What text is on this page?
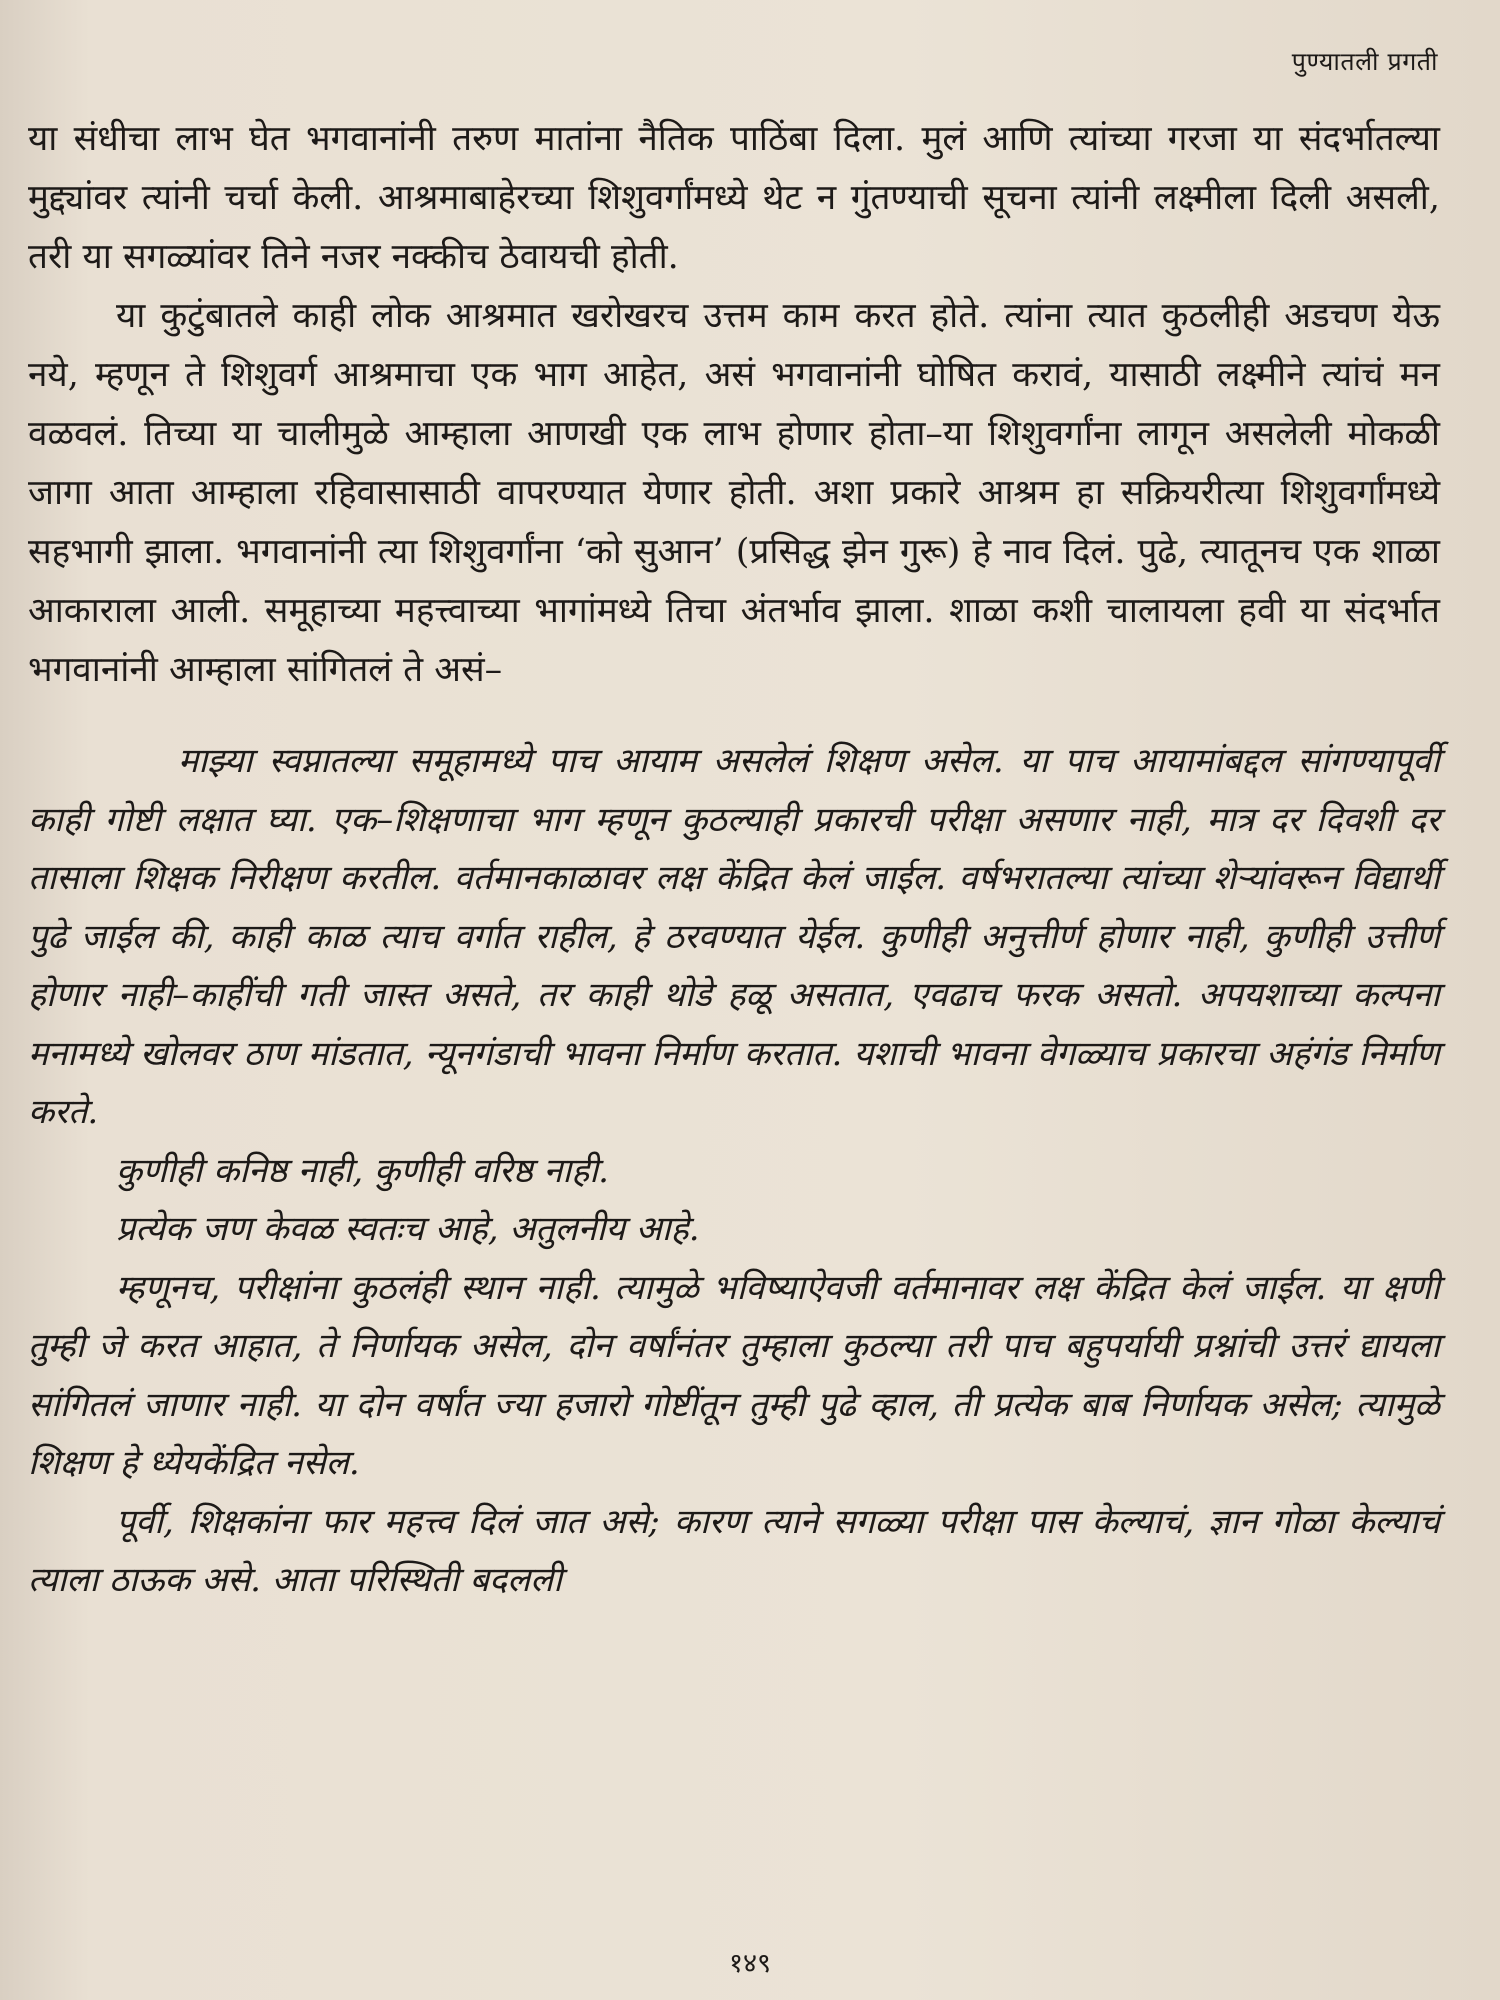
पुण्यातली प्रगती

या संधीचा लाभ घेत भगवानांनी तरुण मातांना नैतिक पाठिंबा दिला. मुलं आणि त्यांच्या गरजा या संदर्भातल्या मुद्द्यांवर त्यांनी चर्चा केली. आश्रमाबाहेरच्या शिशुवर्गांमध्ये थेट न गुंतण्याची सूचना त्यांनी लक्ष्मीला दिली असली, तरी या सगळ्यांवर तिने नजर नक्कीच ठेवायची होती.

या कुटुंबातले काही लोक आश्रमात खरोखरच उत्तम काम करत होते. त्यांना त्यात कुठलीही अडचण येऊ नये, म्हणून ते शिशुवर्ग आश्रमाचा एक भाग आहेत, असं भगवानांनी घोषित करावं, यासाठी लक्ष्मीने त्यांचं मन वळवलं. तिच्या या चालीमुळे आम्हाला आणखी एक लाभ होणार होता–या शिशुवर्गांना लागून असलेली मोकळी जागा आता आम्हाला रहिवासासाठी वापरण्यात येणार होती. अशा प्रकारे आश्रम हा सक्रियरीत्या शिशुवर्गांमध्ये सहभागी झाला. भगवानांनी त्या शिशुवर्गांना ‘को सुआन’ (प्रसिद्ध झेन गुरू) हे नाव दिलं. पुढे, त्यातूनच एक शाळा आकाराला आली. समूहाच्या महत्त्वाच्या भागांमध्ये तिचा अंतर्भाव झाला. शाळा कशी चालायला हवी या संदर्भात भगवानांनी आम्हाला सांगितलं ते असं–

माझ्या स्वप्नातल्या समूहामध्ये पाच आयाम असलेलं शिक्षण असेल. या पाच आयामांबद्दल सांगण्यापूर्वी काही गोष्टी लक्षात घ्या. एक–शिक्षणाचा भाग म्हणून कुठल्याही प्रकारची परीक्षा असणार नाही, मात्र दर दिवशी दर तासाला शिक्षक निरीक्षण करतील. वर्तमानकाळावर लक्ष केंद्रित केलं जाईल. वर्षभरातल्या त्यांच्या शेऱ्यांवरून विद्यार्थी पुढे जाईल की, काही काळ त्याच वर्गात राहील, हे ठरवण्यात येईल. कुणीही अनुत्तीर्ण होणार नाही, कुणीही उत्तीर्ण होणार नाही–काहींची गती जास्त असते, तर काही थोडे हळू असतात, एवढाच फरक असतो. अपयशाच्या कल्पना मनामध्ये खोलवर ठाण मांडतात, न्यूनगंडाची भावना निर्माण करतात. यशाची भावना वेगळ्याच प्रकारचा अहंगंड निर्माण करते.

कुणीही कनिष्ठ नाही, कुणीही वरिष्ठ नाही.

प्रत्येक जण केवळ स्वतःच आहे, अतुलनीय आहे.

म्हणूनच, परीक्षांना कुठलंही स्थान नाही. त्यामुळे भविष्याऐवजी वर्तमानावर लक्ष केंद्रित केलं जाईल. या क्षणी तुम्ही जे करत आहात, ते निर्णायक असेल, दोन वर्षांनंतर तुम्हाला कुठल्या तरी पाच बहुपर्यायी प्रश्नांची उत्तरं द्यायला सांगितलं जाणार नाही. या दोन वर्षांत ज्या हजारो गोष्टींतून तुम्ही पुढे व्हाल, ती प्रत्येक बाब निर्णायक असेल; त्यामुळे शिक्षण हे ध्येयकेंद्रित नसेल.

पूर्वी, शिक्षकांना फार महत्त्व दिलं जात असे; कारण त्याने सगळ्या परीक्षा पास केल्याचं, ज्ञान गोळा केल्याचं त्याला ठाऊक असे. आता परिस्थिती बदलली

१४९
